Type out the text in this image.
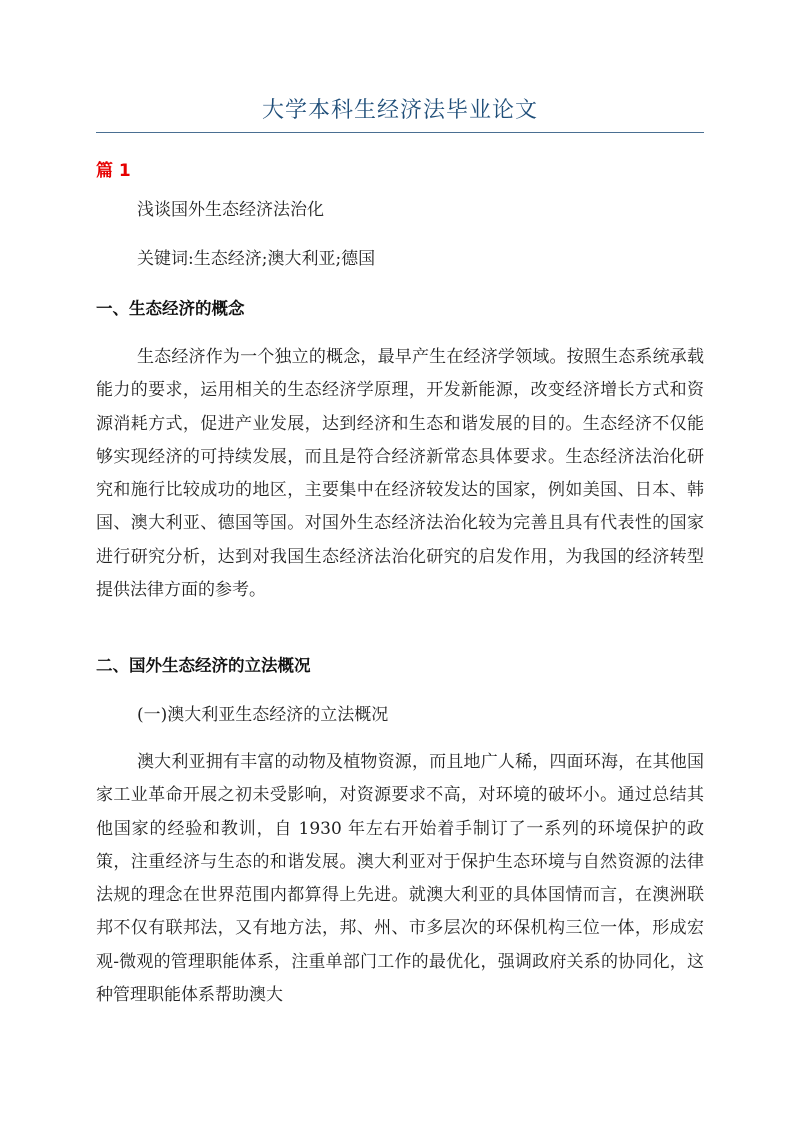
大学本科生经济法毕业论文
篇 1

浅谈国外生态经济法治化

关键词:生态经济;澳大利亚;德国

一、生态经济的概念

生态经济作为一个独立的概念，最早产生在经济学领域。按照生态系统承载能力的要求，运用相关的生态经济学原理，开发新能源，改变经济增长方式和资源消耗方式，促进产业发展，达到经济和生态和谐发展的目的。生态经济不仅能够实现经济的可持续发展，而且是符合经济新常态具体要求。生态经济法治化研究和施行比较成功的地区，主要集中在经济较发达的国家，例如美国、日本、韩国、澳大利亚、德国等国。对国外生态经济法治化较为完善且具有代表性的国家进行研究分析，达到对我国生态经济法治化研究的启发作用，为我国的经济转型提供法律方面的参考。

二、国外生态经济的立法概况

(一)澳大利亚生态经济的立法概况

澳大利亚拥有丰富的动物及植物资源，而且地广人稀，四面环海，在其他国家工业革命开展之初未受影响，对资源要求不高，对环境的破坏小。通过总结其他国家的经验和教训，自 1930 年左右开始着手制订了一系列的环境保护的政策，注重经济与生态的和谐发展。澳大利亚对于保护生态环境与自然资源的法律法规的理念在世界范围内都算得上先进。就澳大利亚的具体国情而言，在澳洲联邦不仅有联邦法，又有地方法，邦、州、市多层次的环保机构三位一体，形成宏观-微观的管理职能体系，注重单部门工作的最优化，强调政府关系的协同化，这种管理职能体系帮助澳大
